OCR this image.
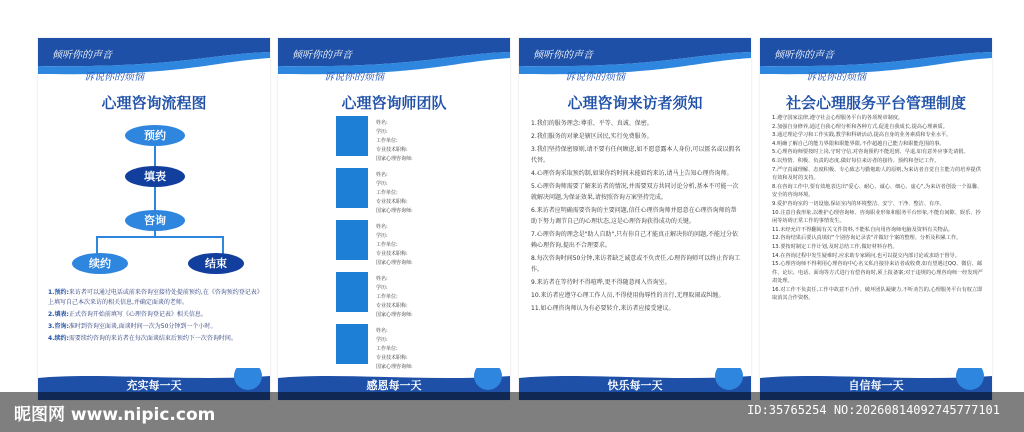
倾听你的声音
诉说你的烦恼
心理咨询流程图
预约
填表
咨询
续约	结束
1.预约:来访者可以通过电话或前来咨询室接待处提前预约,在《咨询预约登记表》上填写自己本次来访的相关信息,并确定面谈的老师。
2.填表:正式咨询开始前填写《心理咨询登记表》相关信息。
3.咨询:准时到咨询室面谈,面谈时间一次为50分钟到一个小时。
4.续约:需要续约咨询的来访者在每次面谈结束后预约下一次咨询时间。
充实每一天
倾听你的声音
诉说你的烦恼
心理咨询师团队
姓名:
学历:
工作单位:
专业技术职称:
国家心理咨询师:
姓名:
学历:
工作单位:
专业技术职称:
国家心理咨询师:
姓名:
学历:
工作单位:
专业技术职称:
国家心理咨询师:
姓名:
学历:
工作单位:
专业技术职称:
国家心理咨询师:
姓名:
学历:
工作单位:
专业技术职称:
国家心理咨询师:
感恩每一天
倾听你的声音
诉说你的烦恼
心理咨询来访者须知

1.我们的服务理念:尊重、平等、真诚、保密。

2.我们服务的对象是辖区居民,实行免费服务。

3.我们坚持保密原则,请不要有任何顾虑,如不愿意露本人身份,可以匿名或以假名代替。

4.心理咨询采取预约制,如果你约时间未能如约来访,请马上告知心理咨询师。

5.心理咨询师需要了解来访者的情况,并需要双方共同讨论分析,基本不可能一次就解决问题,为保证效果,请按照咨询方案坚持完成。

6.来访者应明确需要咨询的主要问题,信任心理咨询师并愿意在心理咨询师的帮助下努力调节自己的心理状态,这是心理咨询获得成功的关键。

7.心理咨询的理念是"助人自助",只有你自己才能真正解决你的问题,不能过分依赖心理咨询,提出不合理要求。

8.每次咨询时间50分钟,来访者缺乏诚意或不负责任,心理咨询师可以终止咨询工作。

9.来访者在等待时不得喧哗,更不得随意闯入咨询室。

10.来访者应遵守心理工作人员,不得使用侮辱性的言行,无理取闹或纠缠。

11.如心理咨询师认为有必要转介,来访者应接受建议。

快乐每一天
倾听你的声音
诉说你的烦恼
社会心理服务平台管理制度

1.遵守国家法律,遵守社会心理服务平台的各项规章制度。

2.加强自身修养,通过自我心理分析和各种方式,促进自我成长,提高心理素质。

3.通过理论学习和工作实践,教学和科研活动,提高自身的业务素质和专业水平。

4.明确了解自己的能力界限和职能界限,不作超越自己能力和职能范围的事。

5.心理咨询师要按时上岗,守时守信,对咨询预约不能迟到、早退,如有意外应事先请假。

6.以热情、积极、负责的态度,做好每位来访者的接待、预约和登记工作。

7.严守真诚理解、态度积极、专心致志与勤勉助人的原则,为来访者自觉自主能力的培养提供有效和及时的支持。

8.在咨询工作中,要有效地表达出"爱心、耐心、诚心、细心、虚心",为来访者创设一个温馨、安全的咨询环境。

9.爱护咨询室的一切设施,保证室内的环境整洁、安宁、干净、整洁、有序。

10.注意自我形象,以维护心理咨询师、咨询职业形象和服务平台形象,不能有间隙、娱乐、抄闲等妨碍正常工作的事情发生。

11.未经允许不得翻阅有关文件资料,不能私自向用咨询师电脑及资料有关物品。

12.咨询结果后要认真填好"个别咨询记录表"并做好个案的整理、分析及积累工作。

13.要按时制定工作计划,及时总结工作,做好材料存档。

14.在咨询过程中发生疑难时,应求助专家顾问,也可以提交内部讨论或求助于督导。

15.心理咨询师不得利用心理咨询中心名义私自接待来访者或收费,如有望遇过QQ、微信、邮件、论坛、电话、面询等方式进行有偿咨询时,须上报备案;对于违规的心理咨询师一经发现严肃处理。

16.对工作不负责任,工作中故意不合作、破坏团队凝聚力,不听劝告的,心理服务平台有权立即取消其合作资格。

自信每一天
昵图网 www.nipic.com	ID:35765254 NO:20260814092745777101
